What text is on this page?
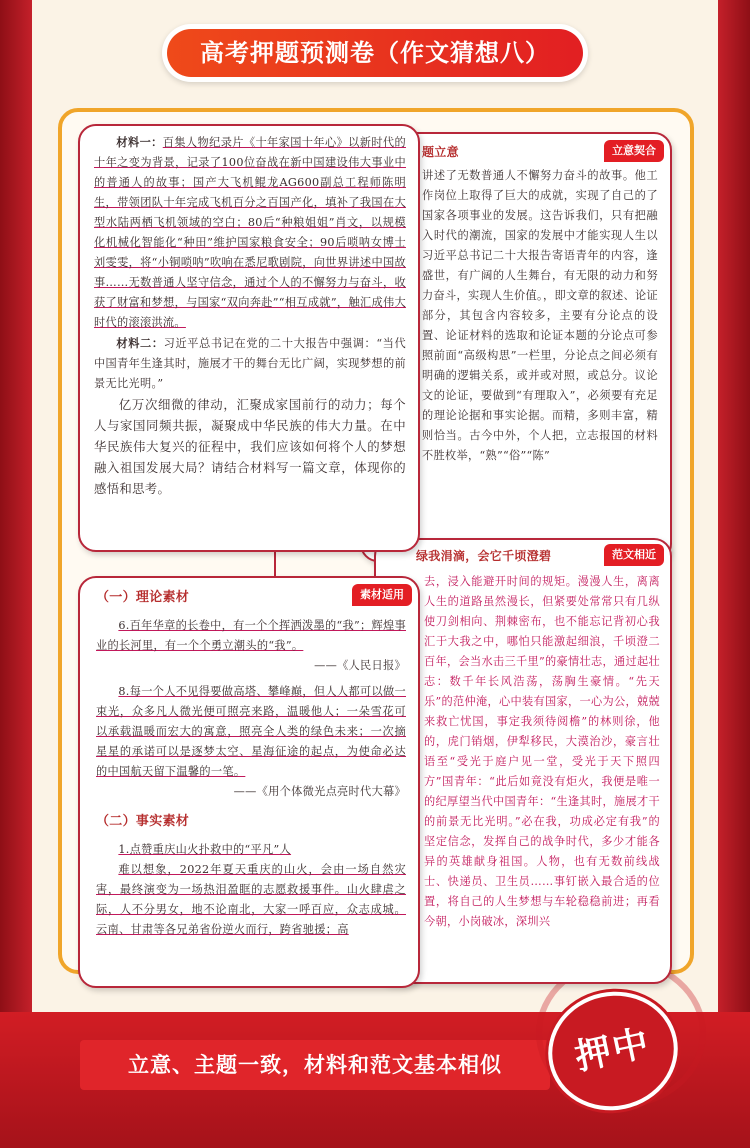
高考押题预测卷（作文猜想八）
立意契合
题立意
讲述了无数普通人不懈努力奋斗的故事。他工作岗位上取得了巨大的成就，实现了自己的了国家各项事业的发展。这告诉我们，只有把融入时代的潮流，国家的发展中才能实现人生以习近平总书记二十大报告寄语青年的内容，逢盛世，有广阔的人生舞台，有无限的动力和努力奋斗，实现人生价值。，即文章的叙述、论证部分，其包含内容较多，主要有分论点的设置、论证材料的选取和论证本题的分论点可参照前面“高级构思”一栏里，分论点之间必须有明确的逻辑关系，或并或对照，或总分。议论文的论证，要做到“有理取入”，必须要有充足的理论论据和事实论据。而精，多则丰富，精则恰当。古今中外，个人把，立志报国的材料不胜枚举，“熟”“俗”“陈”
材料一：百集人物纪录片《十年家国十年心》以新时代的十年之变为背景，记录了100位奋战在新中国建设伟大事业中的普通人的故事；国产大飞机鲲龙AG600副总工程师陈明生，带领团队十年完成飞机百分之百国产化，填补了我国在大型水陆两栖飞机领域的空白；80后“种粮姐姐”肖文，以规模化机械化智能化“种田”维护国家粮食安全；90后唢呐女博士刘雯雯，将“小铜唢呐”吹响在悉尼歌剧院，向世界讲述中国故事……无数普通人坚守信念，通过个人的不懈努力与奋斗，收获了财富和梦想，与国家“双向奔赴”“相互成就”，触汇成伟大时代的滚滚洪流。
材料二：习近平总书记在党的二十大报告中强调：“当代中国青年生逢其时，施展才干的舞台无比广阔，实现梦想的前景无比光明。”
亿万次细微的律动，汇聚成家国前行的动力；每个人与家国同频共振，凝聚成中华民族的伟大力量。在中华民族伟大复兴的征程中，我们应该如何将个人的梦想融入祖国发展大局？请结合材料写一篇文章，体现你的感悟和思考。
范文相近
绿我涓滴，会它千顷澄碧
去，浸入能避开时间的规矩。漫漫人生，离离人生的道路虽然漫长，但紧要处常常只有几纵使刀剑相向、荆棘密布，也不能忘记背初心我汇于大我之中，哪怕只能激起细浪，千顷澄二百年，会当水击三千里”的豪情壮志，通过起壮志：数千年长风浩荡，荡胸生豪情。“先天乐”的范仲淹，心中装有国家，一心为公，兢兢来救亡忧国，事定我须待阅檐”的林则徐，他的，虎门销烟，伊犁移民，大漠治沙，豪言壮语至“受光于庭户见一堂，受光于天下照四方”国青年：“此后如竟没有炬火，我便是唯一的纪厚望当代中国青年：“生逢其时，施展才干的前景无比光明。”必在我，功成必定有我”的坚定信念，发挥自己的战争时代，多少才能各异的英雄献身祖国。人物，也有无数前线战士、快递员、卫生员……事钉嵌入最合适的位置，将自己的人生梦想与车轮稳稳前进；再看今朝，小岗破冰，深圳兴
素材适用
（一）理论素材
6.百年华章的长卷中，有一个个挥洒泼墨的“我”；辉煌事业的长河里，有一个个勇立潮头的“我”。
——《人民日报》
8.每一个人不见得要做高塔、攀峰巅，但人人都可以做一束光，众多凡人微光便可照亮来路，温暖他人；一朵雪花可以承载温暖而宏大的寓意，照亮全人类的绿色未来；一次摘星星的承诺可以是逐梦太空、星海征途的起点，为使命必达的中国航天留下温馨的一笔。
——《用个体微光点亮时代大幕》
（二）事实素材
1.点赞重庆山火扑救中的“平凡”人
难以想象，2022年夏天重庆的山火，会由一场自然灾害，最终演变为一场热泪盈眶的志愿救援事件。山火肆虐之际，人不分男女，地不论南北，大家一呼百应，众志成城。云南、甘肃等各兄弟省份逆火而行，跨省驰援；高
立意、主题一致，材料和范文基本相似	押中
